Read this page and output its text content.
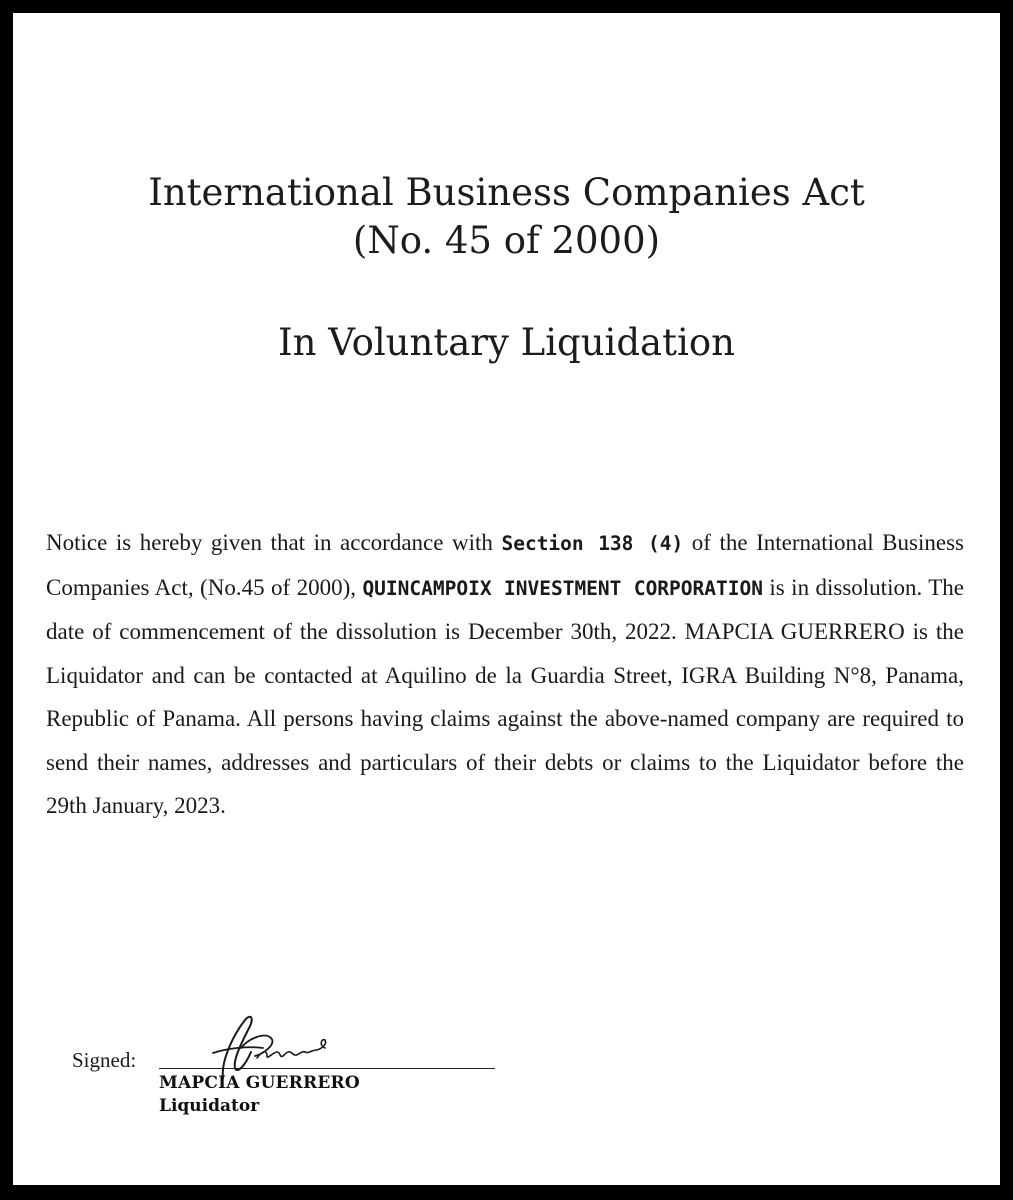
International Business Companies Act
(No. 45 of 2000)
In Voluntary Liquidation
Notice is hereby given that in accordance with Section 138 (4) of the International Business Companies Act, (No.45 of 2000), QUINCAMPOIX INVESTMENT CORPORATION is in dissolution. The date of commencement of the dissolution is December 30th, 2022. MAPCIA GUERRERO is the Liquidator and can be contacted at Aquilino de la Guardia Street, IGRA Building N°8, Panama, Republic of Panama. All persons having claims against the above-named company are required to send their names, addresses and particulars of their debts or claims to the Liquidator before the 29th January, 2023.
Signed:
MAPCIA GUERRERO
Liquidator
